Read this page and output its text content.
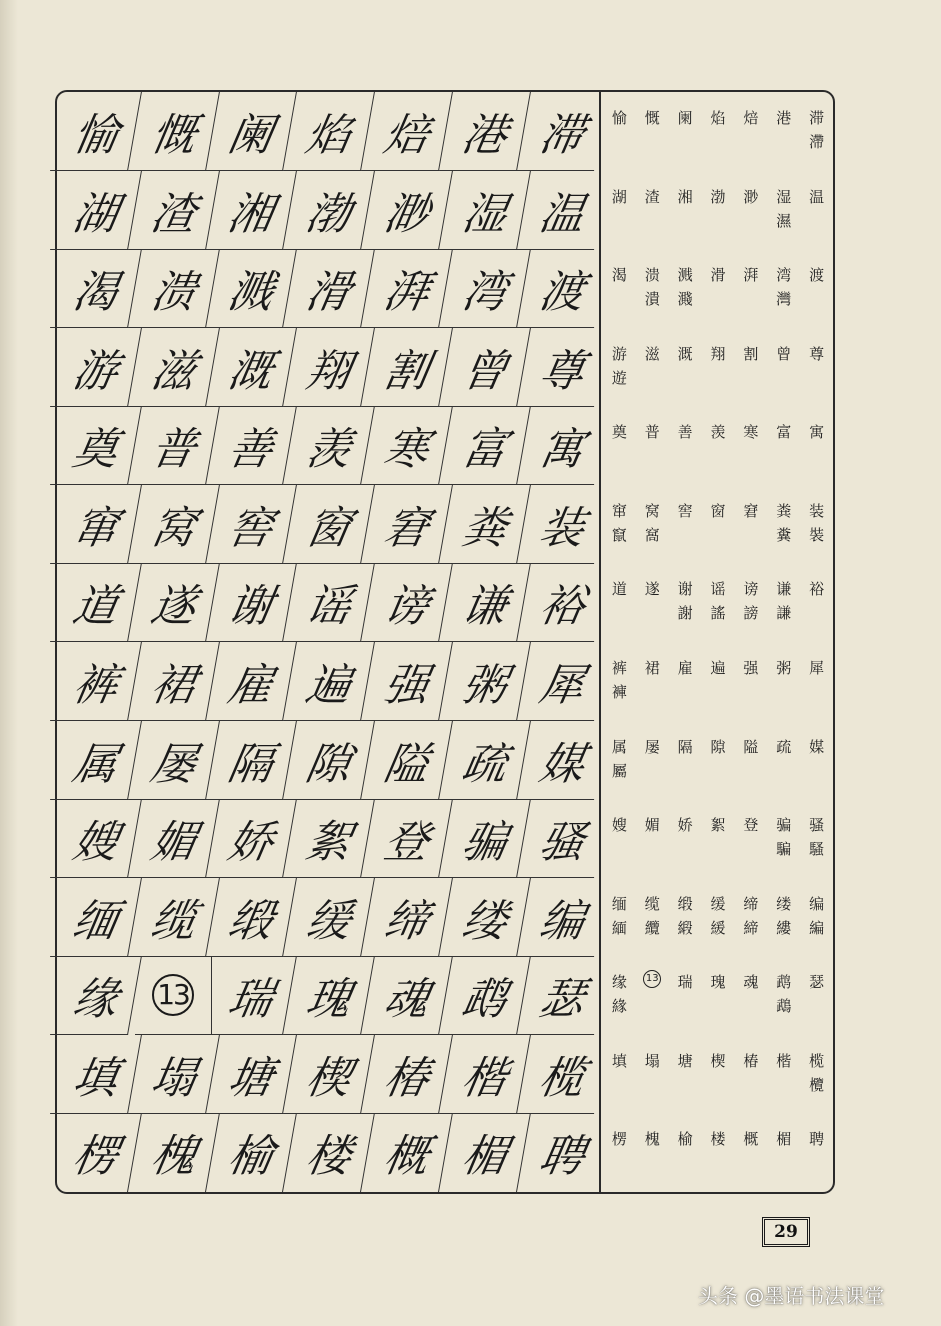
愉 慨 阑 焰 焙 港 滞
湖 渣 湘 渤 渺 湿 温
渴 溃 溅 滑 湃 湾 渡
游 滋 溉 翔 割 曾 尊
奠 普 善 羡 寒 富 寓
窜 窝 窖 窗 窘 粪 装
道 遂 谢 谣 谤 谦 裕
裤 裙 雇 遍 强 粥 犀
属 屡 隔 隙 隘 疏 媒
嫂 媚 娇 絮 登 骗 骚
缅 缆 缎 缓 缔 缕 编
缘	13 瑞 瑰 魂 鹉 瑟
填 塌 塘 楔 椿 楷 榄
楞 槐 榆 楼 概 楣 聘
愉 慨 阑 焰 焙 港 滞
滯
湖 渣 湘 渤 渺 湿
濕
温
渴 溃
潰
溅
濺
滑 湃 湾
灣
渡
游
遊
滋 溉 翔 割 曾 尊
奠 普 善 羡 寒 富 寓
窜
竄
窝
窩
窖 窗 窘 粪
糞
装
裝
道 遂 谢
謝
谣
謠
谤
謗
谦
謙
裕
裤
褲
裙 雇 遍 强 粥 犀
属
屬
屡 隔 隙 隘 疏 媒
嫂 媚 娇 絮 登 骗
騙
骚
騷
缅
緬
缆
纜
缎
緞
缓
緩
缔
締
缕
縷
编
編
缘
緣
13 瑞 瑰 魂 鹉
鵡
瑟
填 塌 塘 楔 椿 楷 榄
欖
楞 槐 榆 楼 概 楣 聘
29
头条 @墨语书法课堂
